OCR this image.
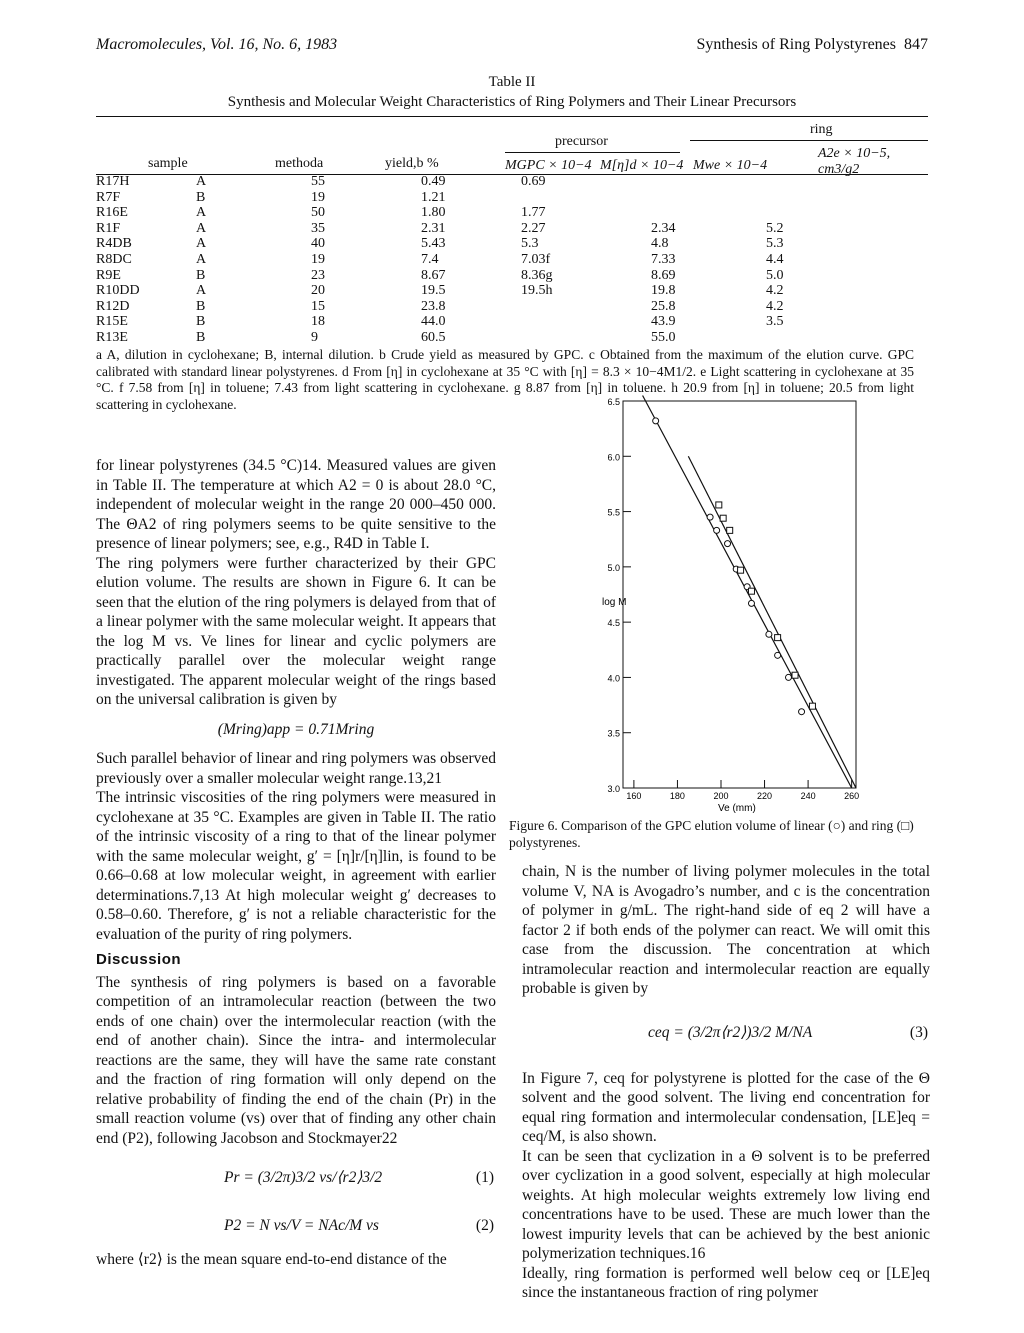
Macromolecules, Vol. 16, No. 6, 1983	Synthesis of Ring Polystyrenes 847
Table II
Synthesis and Molecular Weight Characteristics of Ring Polymers and Their Linear Precursors
ring
precursor
sample	methoda	yield,b %	MGPC × 10−4 M[η]d × 10−4 Mwe × 10−4
A2e × 10−5, cm3/g2
R17H	A	55	0.49	0.69		
R7F	B	19	1.21			
R16E	A	50	1.80	1.77		
R1F	A	35	2.31	2.27	2.34	5.2
R4DB	A	40	5.43	5.3	4.8	5.3
R8DC	A	19	7.4	7.03f	7.33	4.4
R9E	B	23	8.67	8.36g	8.69	5.0
R10DD	A	20	19.5	19.5h	19.8	4.2
R12D	B	15	23.8		25.8	4.2
R15E	B	18	44.0		43.9	3.5
R13E	B	9	60.5		55.0	
a A, dilution in cyclohexane; B, internal dilution. b Crude yield as measured by GPC. c Obtained from the maximum of the elution curve. GPC calibrated with standard linear polystyrenes. d From [η] in cyclohexane at 35 °C with [η] = 8.3 × 10−4M1/2. e Light scattering in cyclohexane at 35 °C. f 7.58 from [η] in toluene; 7.43 from light scattering in cyclohexane. g 8.87 from [η] in toluene. h 20.9 from [η] in toluene; 20.5 from light scattering in cyclohexane.

for linear polystyrenes (34.5 °C)14. Measured values are given in Table II. The temperature at which A2 = 0 is about 28.0 °C, independent of molecular weight in the range 20 000–450 000. The ΘA2 of ring polymers seems to be quite sensitive to the presence of linear polymers; see, e.g., R4D in Table I.

The ring polymers were further characterized by their GPC elution volume. The results are shown in Figure 6. It can be seen that the elution of the ring polymers is delayed from that of a linear polymer with the same molecular weight. It appears that the log M vs. Ve lines for linear and cyclic polymers are practically parallel over the molecular weight range investigated. The apparent molecular weight of the rings based on the universal calibration is given by

(Mring)app = 0.71Mring

Such parallel behavior of linear and ring polymers was observed previously over a smaller molecular weight range.13,21

The intrinsic viscosities of the ring polymers were measured in cyclohexane at 35 °C. Examples are given in Table II. The ratio of the intrinsic viscosity of a ring to that of the linear polymer with the same molecular weight, g′ = [η]r/[η]lin, is found to be 0.66–0.68 at low molecular weight, in agreement with earlier determinations.7,13 At high molecular weight g′ decreases to 0.58–0.60. Therefore, g′ is not a reliable characteristic for the evaluation of the purity of ring polymers.

Discussion

The synthesis of ring polymers is based on a favorable competition of an intramolecular reaction (between the two ends of one chain) over the intermolecular reaction (with the end of another chain). Since the intra- and intermolecular reactions are the same, they will have the same rate constant and the fraction of ring formation will only depend on the relative probability of finding the end of the chain (Pr) in the small reaction volume (vs) over that of finding any other chain end (P2), following Jacobson and Stockmayer22

Pr = (3/2π)3/2 vs/⟨r2⟩3/2	(1)
P2 = N vs/V = NAc/M vs	(2)

where ⟨r2⟩ is the mean square end-to-end distance of the

3.0
3.5
4.0
4.5
5.0
5.5
6.0
6.5
160	180	200	220	240	260
log M
Ve (mm)
Figure 6. Comparison of the GPC elution volume of linear (○) and ring (□) polystyrenes.

chain, N is the number of living polymer molecules in the total volume V, NA is Avogadro’s number, and c is the concentration of polymer in g/mL. The right-hand side of eq 2 will have a factor 2 if both ends of the polymer can react. We will omit this case from the discussion. The concentration at which intramolecular reaction and intermolecular reaction are equally probable is given by

ceq = (3/2π⟨r2⟩)3/2 M/NA	(3)

In Figure 7, ceq for polystyrene is plotted for the case of the Θ solvent and the good solvent. The living end concentration for equal ring formation and intermolecular condensation, [LE]eq = ceq/M, is also shown.

It can be seen that cyclization in a Θ solvent is to be preferred over cyclization in a good solvent, especially at high molecular weights. At high molecular weights extremely low living end concentrations have to be used. These are much lower than the lowest impurity levels that can be achieved by the best anionic polymerization techniques.16

Ideally, ring formation is performed well below ceq or [LE]eq since the instantaneous fraction of ring polymer
